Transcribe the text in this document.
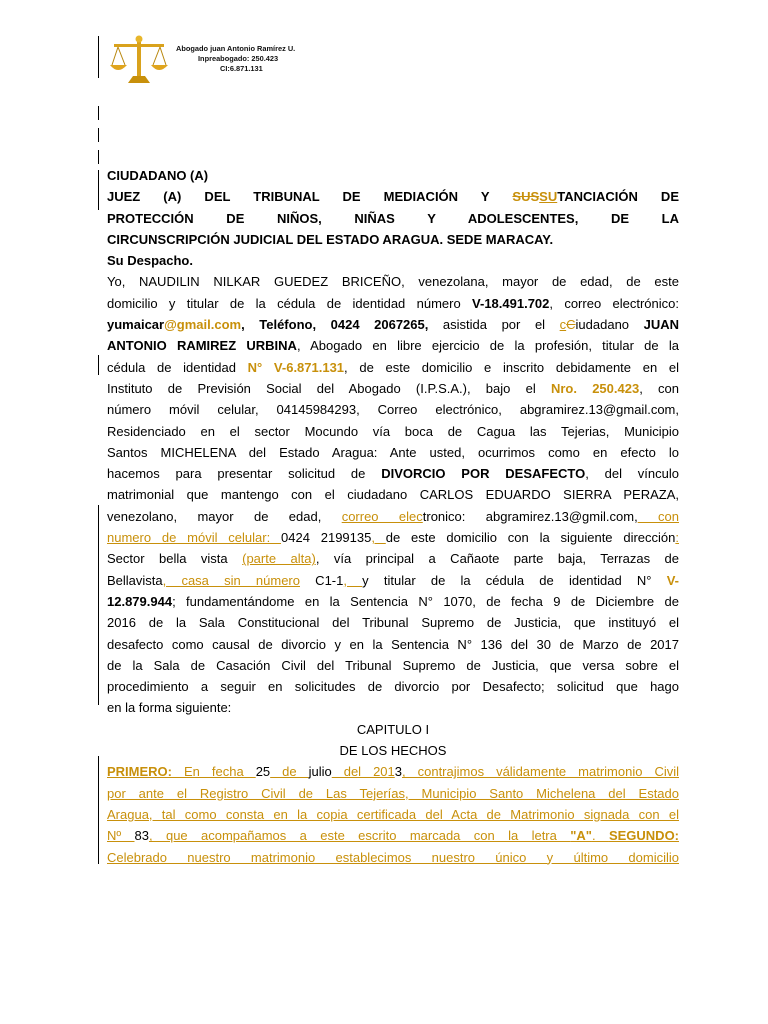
Abogado juan Antonio Ramírez U.
Inpreabogado: 250.423
CI:6.871.131
CIUDADANO (A)
JUEZ (A) DEL TRIBUNAL DE MEDIACIÓN Y SUSSUTANCIACIÓN DE
PROTECCIÓN DE NIÑOS, NIÑAS Y ADOLESCENTES, DE LA
CIRCUNSCRIPCIÓN JUDICIAL DEL ESTADO ARAGUA. SEDE MARACAY.
Su Despacho.
Yo, NAUDILIN NILKAR GUEDEZ BRICEÑO, venezolana, mayor de edad, de este
domicilio y titular de la cédula de identidad número V-18.491.702, correo electrónico:
yumaicar@gmail.com, Teléfono, 0424 2067265, asistida por el cCiudadano JUAN
ANTONIO RAMIREZ URBINA, Abogado en libre ejercicio de la profesión, titular de la
cédula de identidad N° V-6.871.131, de este domicilio e inscrito debidamente en el
Instituto de Previsión Social del Abogado (I.P.S.A.), bajo el Nro. 250.423, con
número móvil celular, 04145984293, Correo electrónico, abgramirez.13@gmail.com,
Residenciado en el sector Mocundo vía boca de Cagua las Tejerias, Municipio
Santos MICHELENA del Estado Aragua: Ante usted, ocurrimos como en efecto lo
hacemos para presentar solicitud de DIVORCIO POR DESAFECTO, del vínculo
matrimonial que mantengo con el ciudadano CARLOS EDUARDO SIERRA PERAZA,
venezolano, mayor de edad, correo electronico: abgramirez.13@gmil.com, con
numero de móvil celular: 0424 2199135, de este domicilio con la siguiente dirección:
Sector bella vista (parte alta), vía principal a Cañaote parte baja, Terrazas de
Bellavista, casa sin número C1-1, y titular de la cédula de identidad N° V-
12.879.944; fundamentándome en la Sentencia N° 1070, de fecha 9 de Diciembre de
2016 de la Sala Constitucional del Tribunal Supremo de Justicia, que instituyó el
desafecto como causal de divorcio y en la Sentencia N° 136 del 30 de Marzo de 2017
de la Sala de Casación Civil del Tribunal Supremo de Justicia, que versa sobre el
procedimiento a seguir en solicitudes de divorcio por Desafecto; solicitud que hago
en la forma siguiente:
CAPITULO I
DE LOS HECHOS
PRIMERO: En fecha 25 de julio del 2013, contrajimos válidamente matrimonio Civil
por ante el Registro Civil de Las Tejerías, Municipio Santo Michelena del Estado
Aragua, tal como consta en la copia certificada del Acta de Matrimonio signada con el
Nº 83, que acompañamos a este escrito marcada con la letra "A". SEGUNDO:
Celebrado nuestro matrimonio establecimos nuestro único y último domicilio
